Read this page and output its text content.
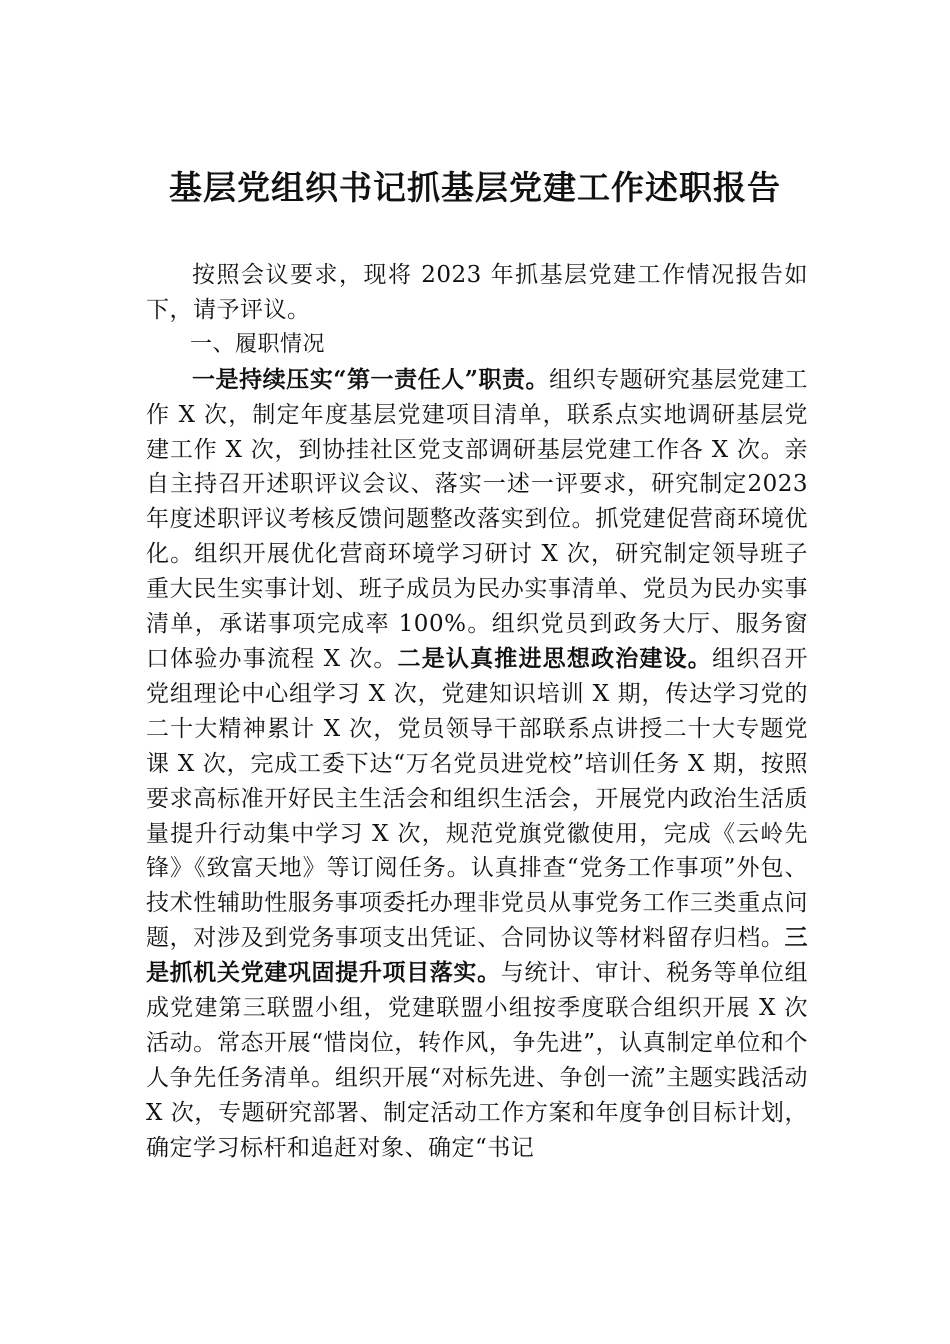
基层党组织书记抓基层党建工作述职报告

按照会议要求，现将 2023 年抓基层党建工作情况报告如下，请予评议。

一、履职情况

一是持续压实“第一责任人”职责。组织专题研究基层党建工作 X 次，制定年度基层党建项目清单，联系点实地调研基层党建工作 X 次，到协挂社区党支部调研基层党建工作各 X 次。亲自主持召开述职评议会议、落实一述一评要求，研究制定2023 年度述职评议考核反馈问题整改落实到位。抓党建促营商环境优化。组织开展优化营商环境学习研讨 X 次，研究制定领导班子重大民生实事计划、班子成员为民办实事清单、党员为民办实事清单，承诺事项完成率 100%。组织党员到政务大厅、服务窗口体验办事流程 X 次。二是认真推进思想政治建设。组织召开党组理论中心组学习 X 次，党建知识培训 X 期，传达学习党的二十大精神累计 X 次，党员领导干部联系点讲授二十大专题党课 X 次，完成工委下达“万名党员进党校”培训任务 X 期，按照要求高标准开好民主生活会和组织生活会，开展党内政治生活质量提升行动集中学习 X 次，规范党旗党徽使用，完成《云岭先锋》《致富天地》等订阅任务。认真排查“党务工作事项”外包、技术性辅助性服务事项委托办理非党员从事党务工作三类重点问题，对涉及到党务事项支出凭证、合同协议等材料留存归档。三是抓机关党建巩固提升项目落实。与统计、审计、税务等单位组成党建第三联盟小组，党建联盟小组按季度联合组织开展 X 次活动。常态开展“惜岗位，转作风，争先进”，认真制定单位和个人争先任务清单。组织开展“对标先进、争创一流”主题实践活动 X 次，专题研究部署、制定活动工作方案和年度争创目标计划，确定学习标杆和追赶对象、确定“书记
